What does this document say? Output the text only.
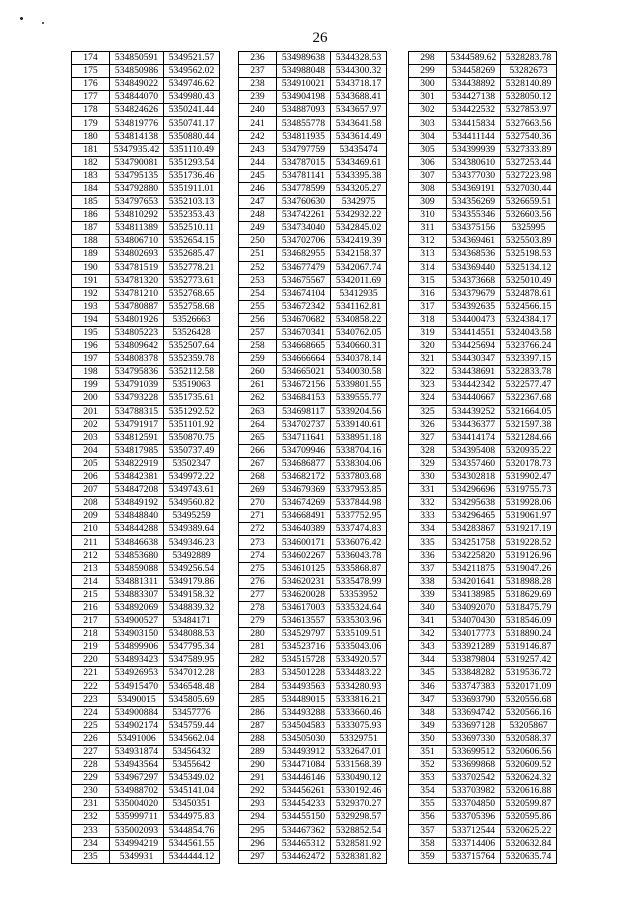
26
174	534850591	5349521.57
175	534850986	5349562.02
176	534849022	5349746.62
177	534844070	5349980.43
178	534824626	5350241.44
179	534819776	5350741.17
180	534814138	5350880.44
181	5347935.42	5351110.49
182	534790081	5351293.54
183	534795135	5351736.46
184	534792880	5351911.01
185	534797653	5352103.13
186	534810292	5352353.43
187	534811389	5352510.11
188	534806710	5352654.15
189	534802693	5352685.47
190	534781519	5352778.21
191	534781320	5352773.61
192	534781210	5352768.65
193	534780887	5352758.68
194	534801926	53526663
195	534805223	53526428
196	534809642	5352507.64
197	534808378	5352359.78
198	534795836	5352112.58
199	534791039	53519063
200	534793228	5351735.61
201	534788315	5351292.52
202	534791917	5351101.92
203	534812591	5350870.75
204	534817985	5350737.49
205	534822919	53502347
206	534842381	5349972.22
207	534847208	5349743.61
208	534849192	5349560.82
209	534848840	53495259
210	534844288	5349389.64
211	534846638	5349346.23
212	534853680	53492889
213	534859088	5349256.54
214	534881311	5349179.86
215	534883307	5349158.32
216	534892069	5348839.32
217	534900527	53484171
218	534903150	5348088.53
219	534899906	5347795.34
220	534893423	5347589.95
221	534926953	5347012.28
222	534915470	5346548.48
223	53490015	5345805.69
224	534900884	53457776
225	534902174	5345759.44
226	53491006	5345662.04
227	534931874	53456432
228	534943564	53455642
229	534967297	5345349.02
230	534988702	5345141.04
231	535004020	53450351
232	535999711	5344975.83
233	535002093	5344854.76
234	534994219	5344561.55
235	5349931	5344444.12
236	534989638	5344328.53
237	534988048	5344300.32
238	534910021	5343718.17
239	534904198	5343688.41
240	534887093	5343657.97
241	534855778	5343641.58
242	534811935	5343614.49
243	534797759	53435474
244	534787015	5343469.61
245	534781141	5343395.38
246	534778599	5343205.27
247	534760630	5342975
248	534742261	5342932.22
249	534734040	5342845.02
250	534702706	5342419.39
251	534682955	5342158.37
252	534677479	5342067.74
253	534675567	5342011.69
254	534674104	53412935
255	534672342	5341162.81
256	534670682	5340858.22
257	534670341	5340762.05
258	534668665	5340660.31
259	534666664	5340378.14
260	534665021	5340030.58
261	534672156	5339801.55
262	534684153	5339555.77
263	534698117	5339204.56
264	534702737	5339140.61
265	534711641	5338951.18
266	534709946	5338704.16
267	534686877	5338304.06
268	534682172	5337803.68
269	534679369	5337953.85
270	534674269	5337844.98
271	534668491	5337752.95
272	534640389	5337474.83
273	534600171	5336076.42
274	534602267	5336043.78
275	534610125	5335868.87
276	534620231	5335478.99
277	534620028	53353952
278	534617003	5335324.64
279	534613557	5335303.96
280	534529797	5335109.51
281	534523716	5335043.06
282	534515728	5334920.57
283	534501228	5334483.22
284	534493563	5334280.93
285	534489015	5333816.21
286	534493288	5333660.46
287	534504583	5333075.93
288	534505030	53329751
289	534493912	5332647.01
290	534471084	5331568.39
291	534446146	5330490.12
292	534456261	5330192.46
293	534454233	5329370.27
294	534455150	5329298.57
295	534467362	5328852.54
296	534465312	5328581.92
297	534462472	5328381.82
298	5344589.62	5328283.78
299	534458269	53282673
300	534438892	5328140.89
301	534427138	5328050.12
302	534422532	5327853.97
303	534415834	5327663.56
304	534411144	5327540.36
305	534399939	5327333.89
306	534380610	5327253.44
307	534377030	5327223.98
308	534369191	5327030.44
309	534356269	5326659.51
310	534355346	5326603.56
311	534375156	5325995
312	534369461	5325503.89
313	534368536	5325198.53
314	534369440	5325134.12
315	534373668	5325010.49
316	534379679	5324878.61
317	534392635	5324566.15
318	534400473	5324384.17
319	534414551	5324043.58
320	534425694	5323766.24
321	534430347	5323397.15
322	534438691	5322833.78
323	534442342	5322577.47
324	534440667	5322367.68
325	534439252	5321664.05
326	534436377	5321597.38
327	534414174	5321284.66
328	534395408	5320935.22
329	534357460	5320178.73
330	534302818	5319902.47
331	534296696	5319755.73
332	534295638	5319928.06
333	534296465	5319061.97
334	534283867	5319217.19
335	534251758	5319228.52
336	534225820	5319126.96
337	534211875	5319047.26
338	534201641	5318988.28
339	534138985	5318629.69
340	534092070	5318475.79
341	534070430	5318546.09
342	534017773	5318890.24
343	533921289	5319146.87
344	533879804	5319257.42
345	533848282	5319536.72
346	533747383	5320171.09
347	533693790	5320556.68
348	533694742	5320566.16
349	533697128	53205867
350	533697330	5320588.37
351	533699512	5320606.56
352	533699868	5320609.52
353	533702542	5320624.32
354	533703982	5320616.88
355	533704850	5320599.87
356	533705396	5320595.86
357	533712544	5320625.22
358	533714406	5320632.84
359	533715764	5320635.74
